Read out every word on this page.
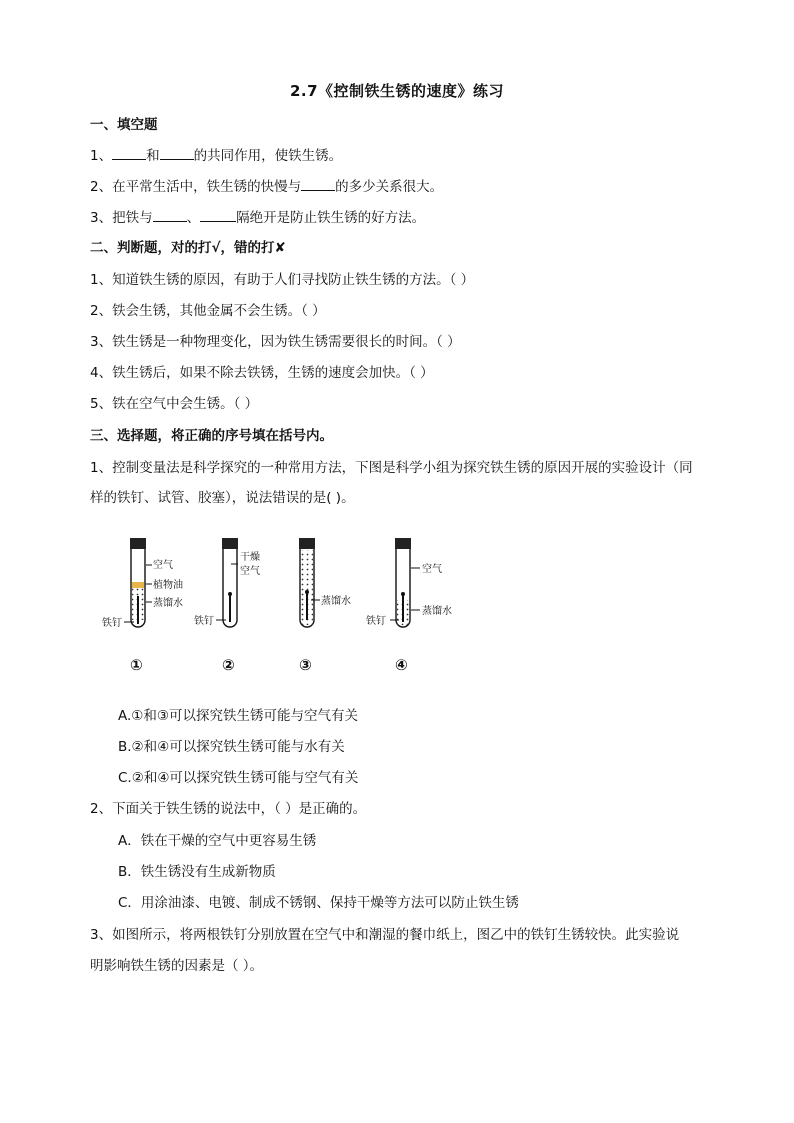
2.7《控制铁生锈的速度》练习
一、填空题
1、	和	的共同作用，使铁生锈。
2、在平常生活中，铁生锈的快慢与	的多少关系很大。
3、把铁与	、	隔绝开是防止铁生锈的好方法。
二、判断题，对的打√，错的打✘
1、知道铁生锈的原因，有助于人们寻找防止铁生锈的方法。（ ）
2、铁会生锈，其他金属不会生锈。（ ）
3、铁生锈是一种物理变化，因为铁生锈需要很长的时间。（ ）
4、铁生锈后，如果不除去铁锈，生锈的速度会加快。（ ）
5、铁在空气中会生锈。（ ）
三、选择题，将正确的序号填在括号内。
1、控制变量法是科学探究的一种常用方法，下图是科学小组为探究铁生锈的原因开展的实验设计（同
样的铁钉、试管、胶塞），说法错误的是( )。
空气
植物油
蒸馏水
铁钉
①
干燥
空气
铁钉
②
蒸馏水
③
空气
蒸馏水
铁钉
④
A.①和③可以探究铁生锈可能与空气有关
B.②和④可以探究铁生锈可能与水有关
C.②和④可以探究铁生锈可能与空气有关
2、下面关于铁生锈的说法中，（ ）是正确的。
A．铁在干燥的空气中更容易生锈
B．铁生锈没有生成新物质
C．用涂油漆、电镀、制成不锈钢、保持干燥等方法可以防止铁生锈
3、如图所示，将两根铁钉分别放置在空气中和潮湿的餐巾纸上，图乙中的铁钉生锈较快。此实验说
明影响铁生锈的因素是（ ）。
